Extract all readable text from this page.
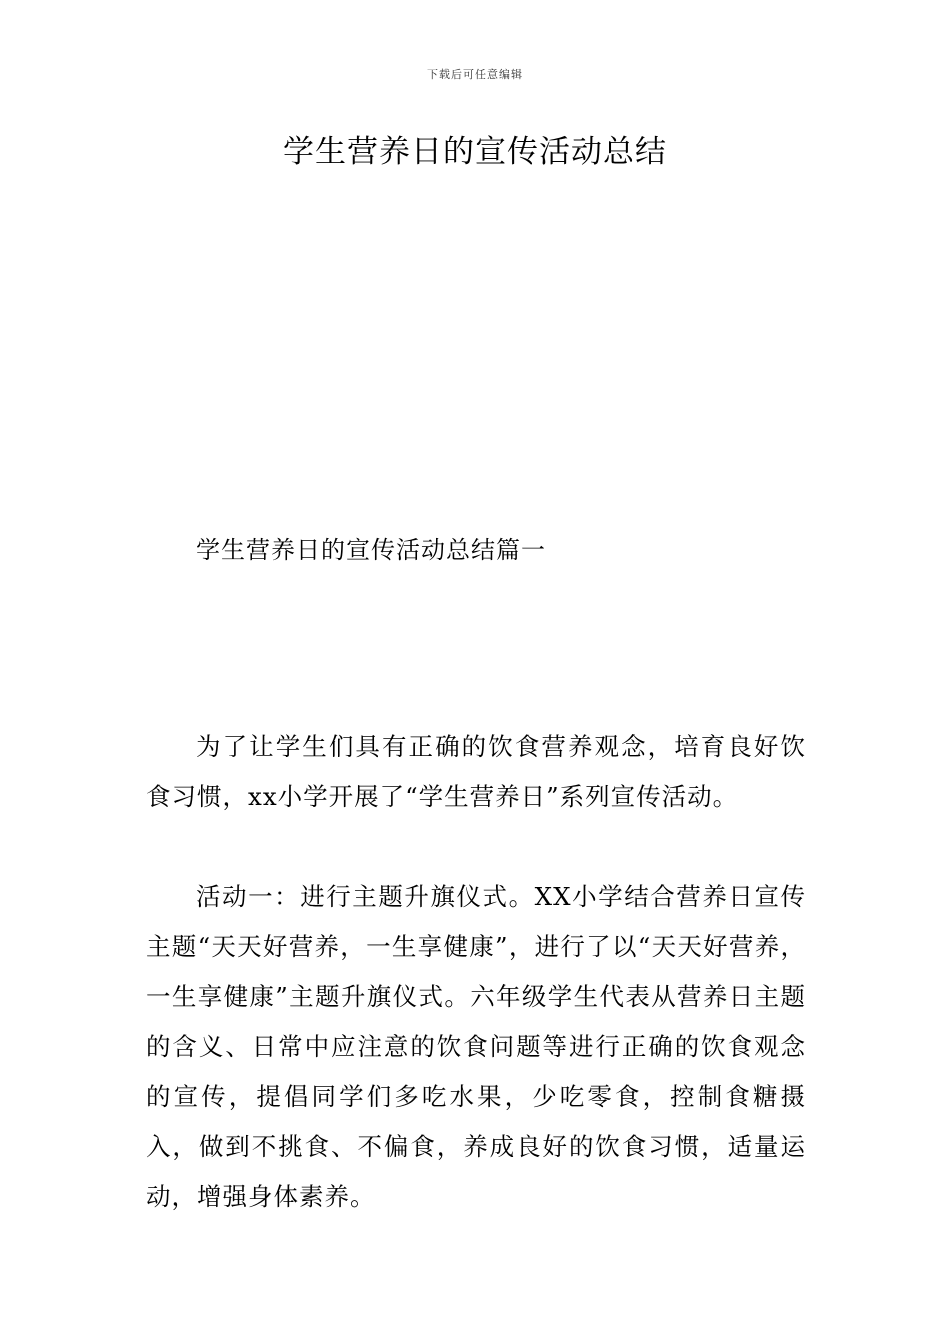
下载后可任意编辑
学生营养日的宣传活动总结
学生营养日的宣传活动总结篇一

为了让学生们具有正确的饮食营养观念，培育良好饮食习惯，xx小学开展了“学生营养日”系列宣传活动。

活动一：进行主题升旗仪式。XX小学结合营养日宣传主题“天天好营养，一生享健康”，进行了以“天天好营养，一生享健康”主题升旗仪式。六年级学生代表从营养日主题的含义、日常中应注意的饮食问题等进行正确的饮食观念的宣传，提倡同学们多吃水果，少吃零食，控制食糖摄入，做到不挑食、不偏食，养成良好的饮食习惯，适量运动，增强身体素养。
